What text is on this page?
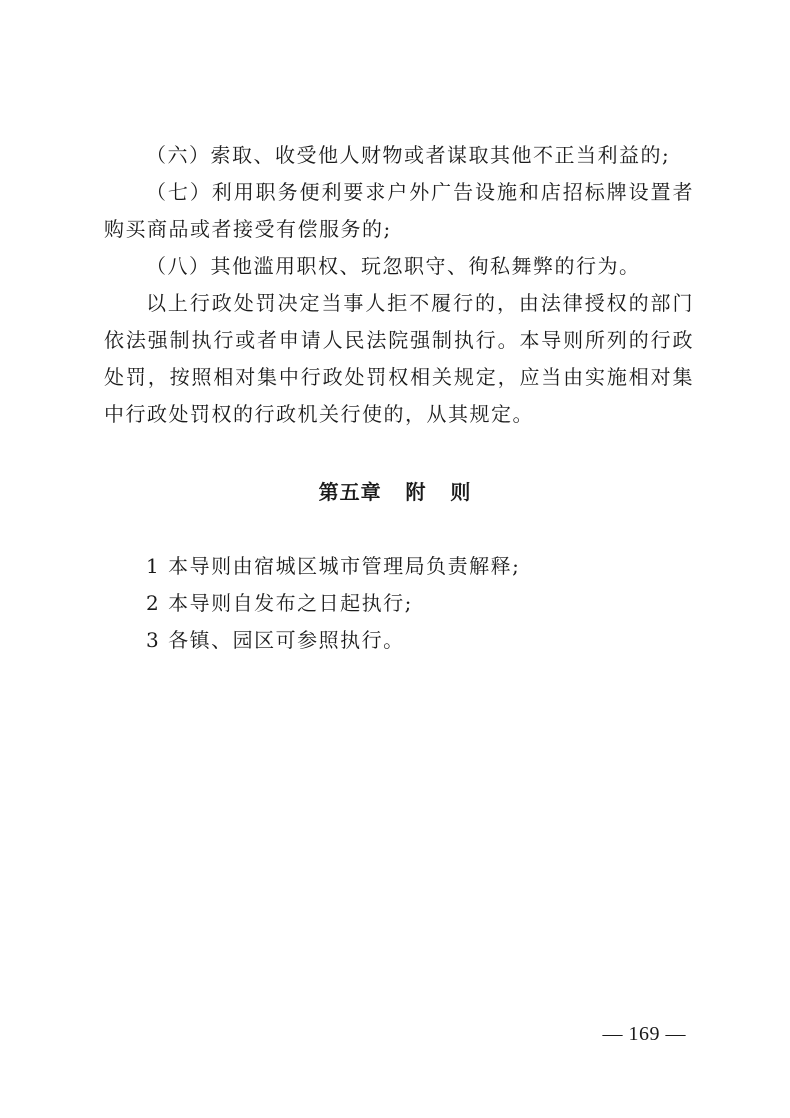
（六）索取、收受他人财物或者谋取其他不正当利益的;

（七）利用职务便利要求户外广告设施和店招标牌设置者购买商品或者接受有偿服务的;

（八）其他滥用职权、玩忽职守、徇私舞弊的行为。

以上行政处罚决定当事人拒不履行的，由法律授权的部门依法强制执行或者申请人民法院强制执行。本导则所列的行政处罚，按照相对集中行政处罚权相关规定，应当由实施相对集中行政处罚权的行政机关行使的，从其规定。

第五章   附   则

1 本导则由宿城区城市管理局负责解释;

2 本导则自发布之日起执行;

3 各镇、园区可参照执行。

— 169 —
